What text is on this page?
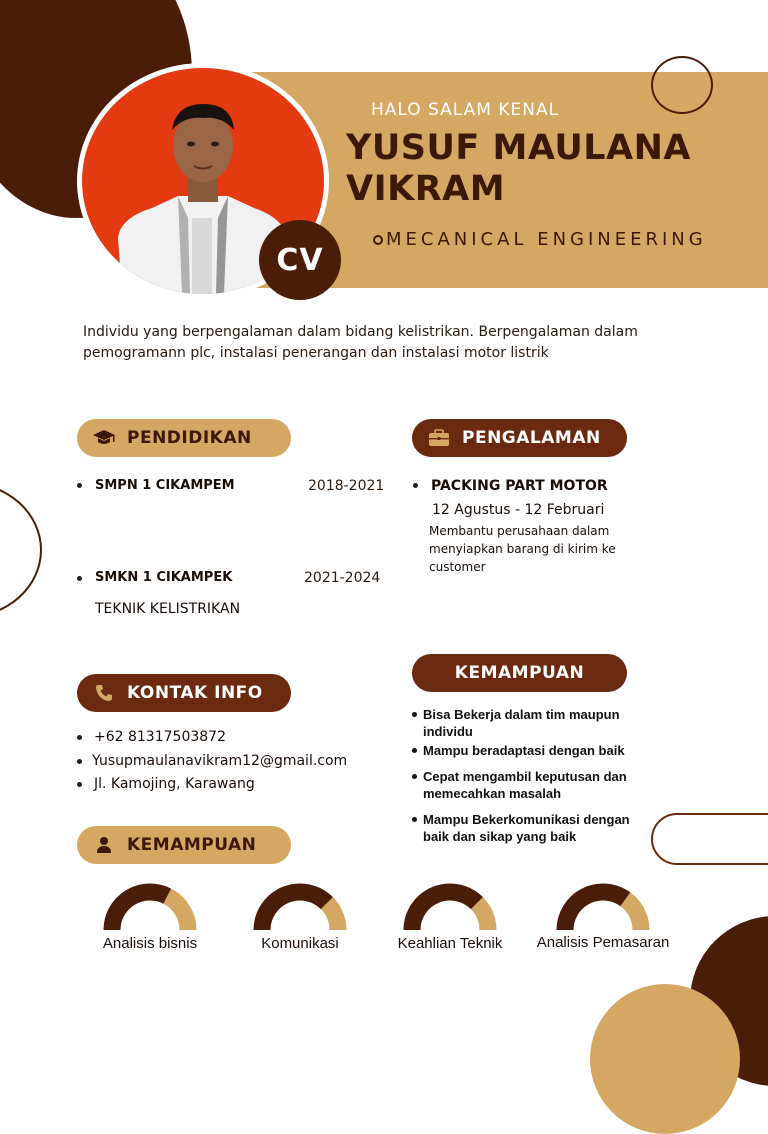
CV
HALO SALAM KENAL
YUSUF MAULANA
VIKRAM
MECANICAL ENGINEERING
Individu yang berpengalaman dalam bidang kelistrikan. Berpengalaman dalam pemogramann plc, instalasi penerangan dan instalasi motor listrik
PENDIDIKAN
SMPN 1 CIKAMPEM	2018-2021
SMKN 1 CIKAMPEK	2021-2024
TEKNIK KELISTRIKAN
PENGALAMAN
PACKING PART MOTOR
12 Agustus - 12 Februari
Membantu perusahaan dalam menyiapkan barang di kirim ke customer
KEMAMPUAN
Bisa Bekerja dalam tim maupun individu
Mampu beradaptasi dengan baik
Cepat mengambil keputusan dan memecahkan masalah
Mampu Bekerkomunikasi dengan baik dan sikap yang baik
KONTAK INFO
+62 81317503872
Yusupmaulanavikram12@gmail.com
Jl. Kamojing, Karawang
KEMAMPUAN
Analisis bisnis	Komunikasi	Keahlian Teknik	Analisis Pemasaran
